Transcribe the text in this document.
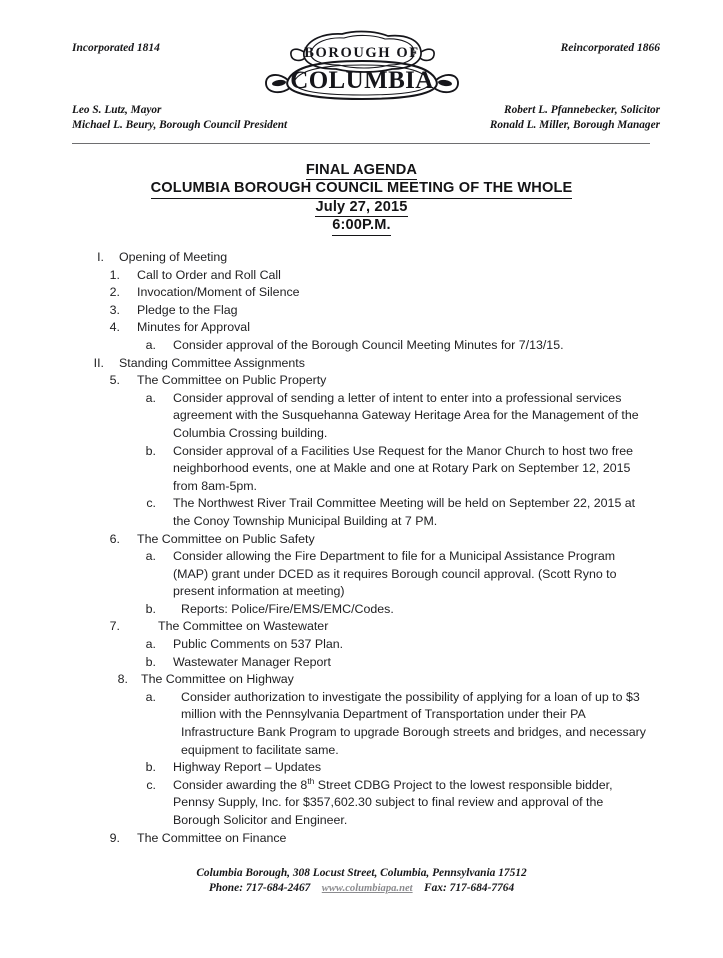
Incorporated 1814	Reincorporated 1866
BOROUGH OF
COLUMBIA
Leo S. Lutz, Mayor
Michael L. Beury, Borough Council President
Robert L. Pfannebecker, Solicitor
Ronald L. Miller, Borough Manager
FINAL AGENDA
COLUMBIA BOROUGH COUNCIL MEETING OF THE WHOLE
July 27, 2015
6:00P.M.
I. Opening of Meeting
1. Call to Order and Roll Call
2. Invocation/Moment of Silence
3. Pledge to the Flag
4. Minutes for Approval
a. Consider approval of the Borough Council Meeting Minutes for 7/13/15.
II. Standing Committee Assignments
5. The Committee on Public Property
a. Consider approval of sending a letter of intent to enter into a professional services agreement with the Susquehanna Gateway Heritage Area for the Management of the Columbia Crossing building.
b. Consider approval of a Facilities Use Request for the Manor Church to host two free neighborhood events, one at Makle and one at Rotary Park on September 12, 2015 from 8am-5pm.
c. The Northwest River Trail Committee Meeting will be held on September 22, 2015 at the Conoy Township Municipal Building at 7 PM.
6. The Committee on Public Safety
a. Consider allowing the Fire Department to file for a Municipal Assistance Program (MAP) grant under DCED as it requires Borough council approval. (Scott Ryno to present information at meeting)
b. Reports: Police/Fire/EMS/EMC/Codes.
7.	The Committee on Wastewater
a. Public Comments on 537 Plan.
b. Wastewater Manager Report
8. The Committee on Highway
a. Consider authorization to investigate the possibility of applying for a loan of up to $3 million with the Pennsylvania Department of Transportation under their PA Infrastructure Bank Program to upgrade Borough streets and bridges, and necessary equipment to facilitate same.
b. Highway Report – Updates
c. Consider awarding the 8th Street CDBG Project to the lowest responsible bidder, Pennsy Supply, Inc. for $357,602.30 subject to final review and approval of the Borough Solicitor and Engineer.
9. The Committee on Finance
Columbia Borough, 308 Locust Street, Columbia, Pennsylvania 17512
Phone: 717-684-2467 www.columbiapa.net Fax: 717-684-7764
